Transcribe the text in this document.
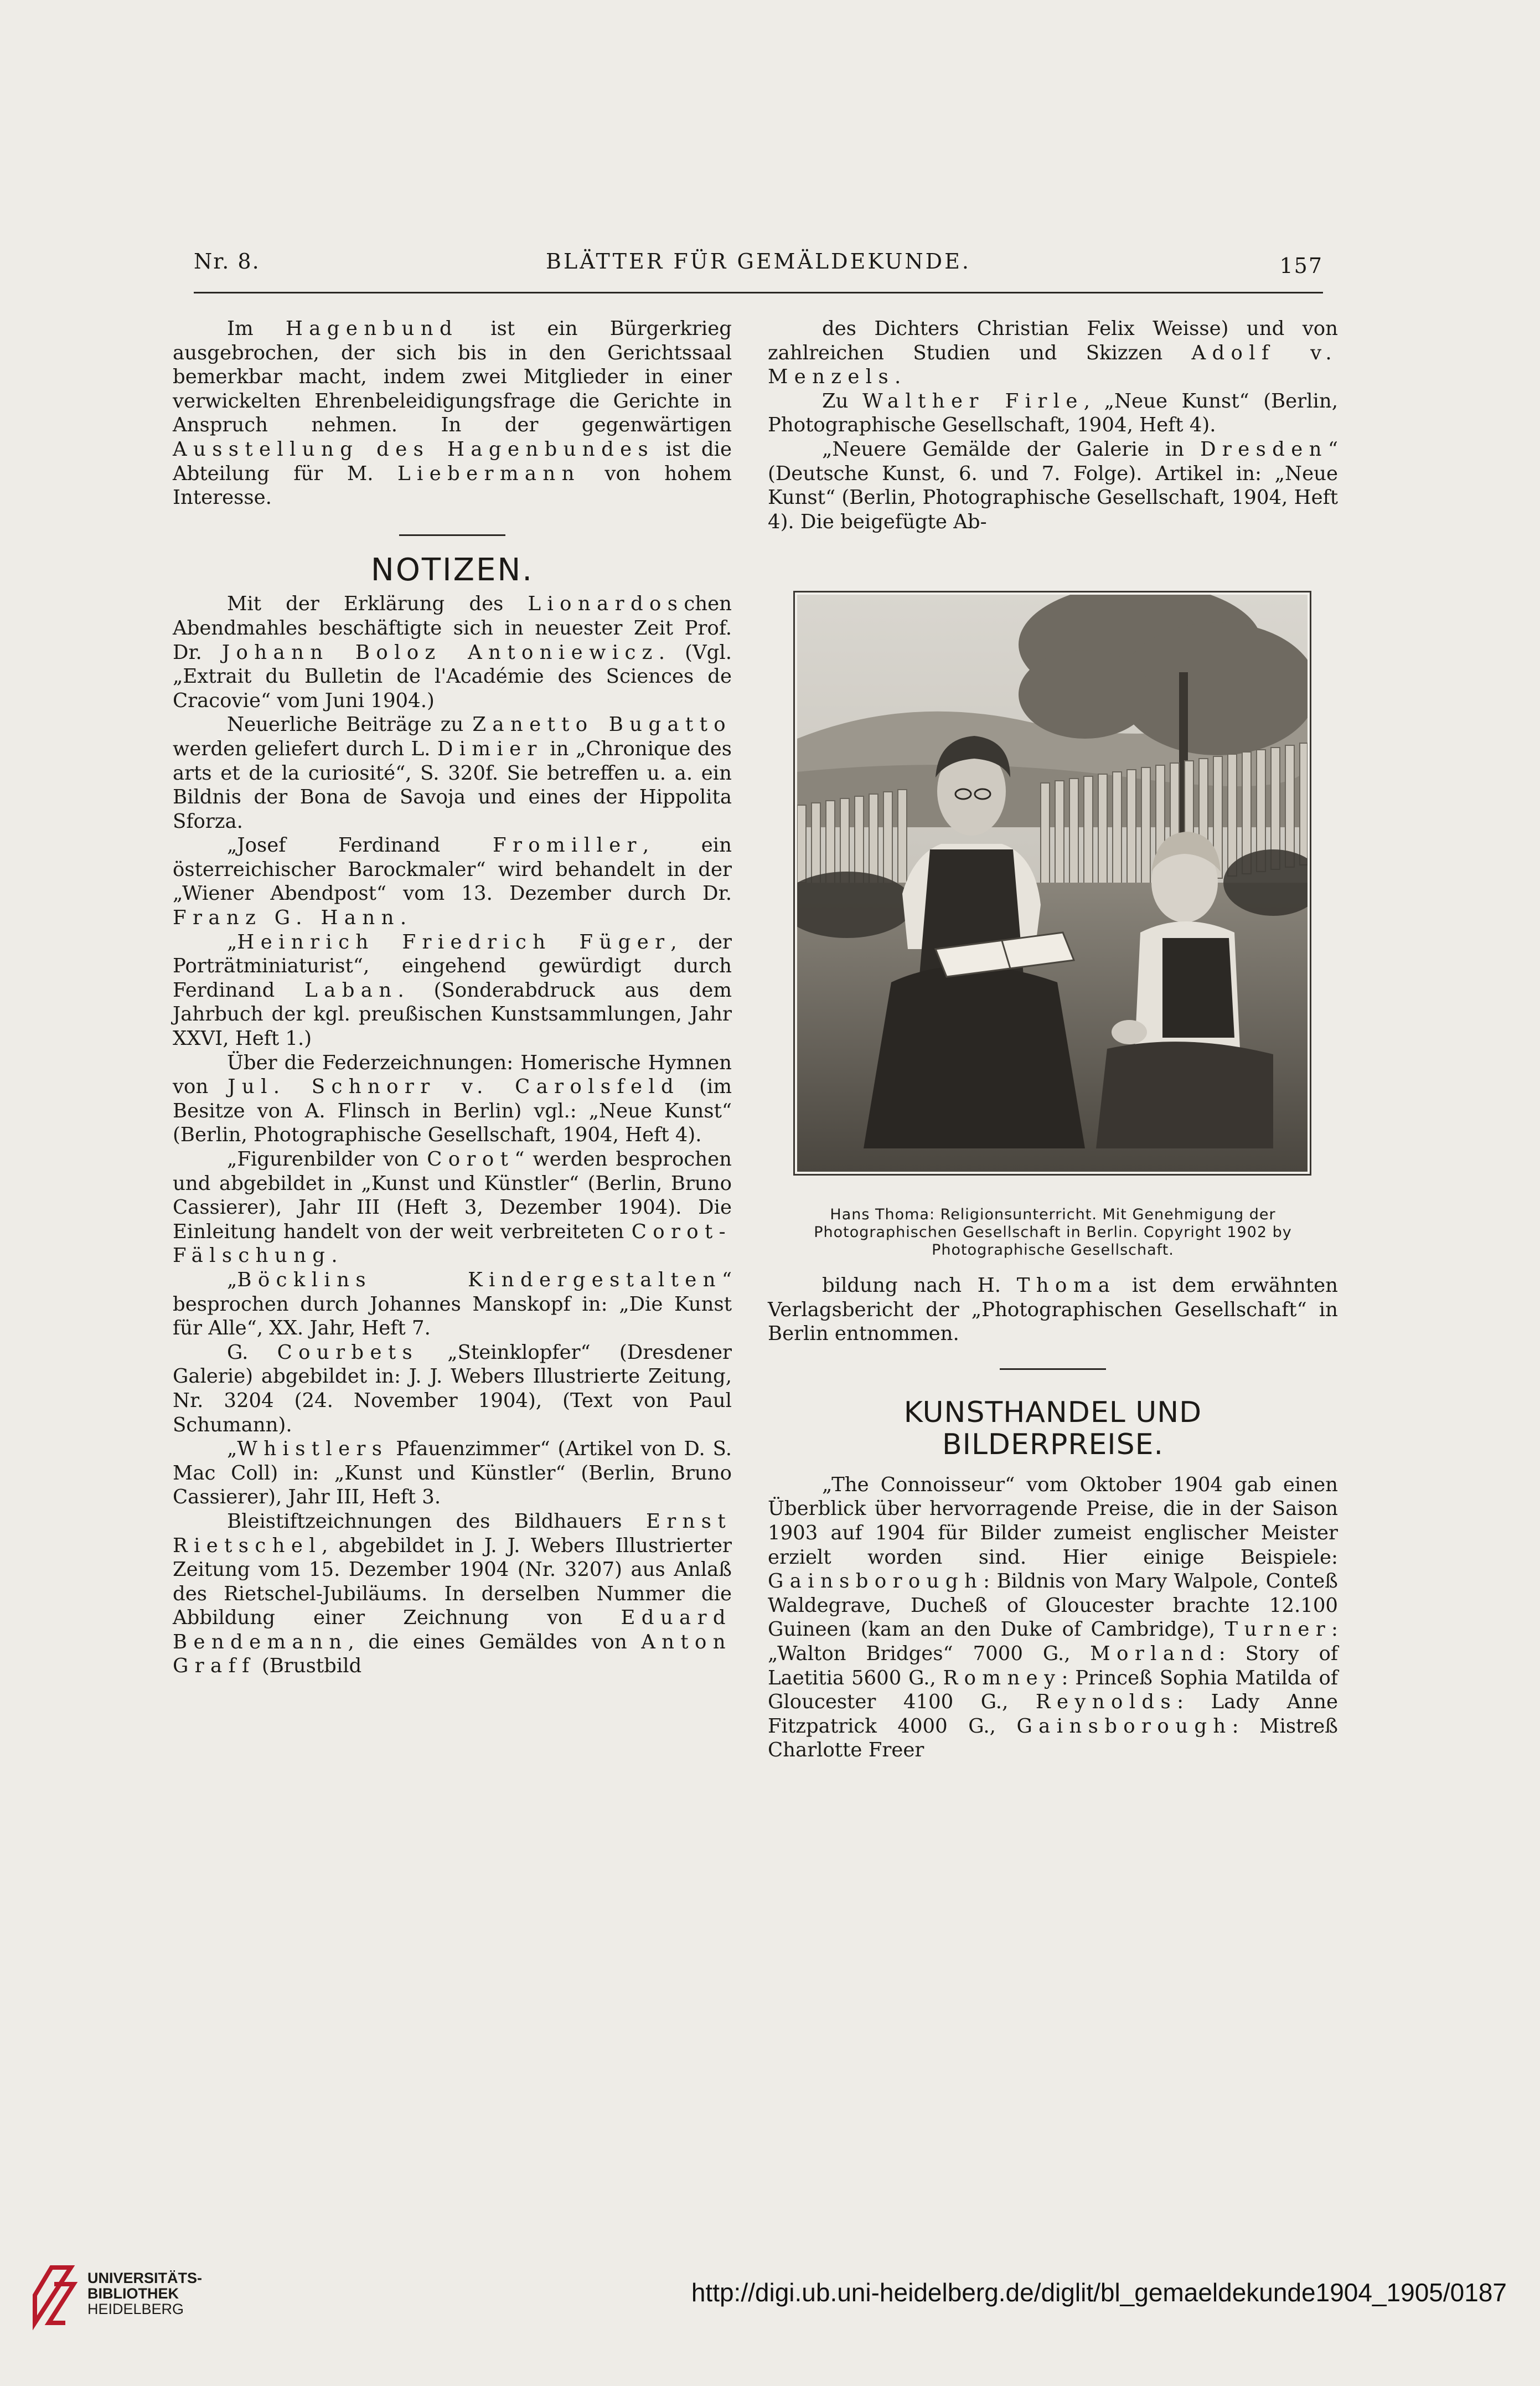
Nr. 8.	BLÄTTER FÜR GEMÄLDEKUNDE.	157

Im Hagenbund ist ein Bürgerkrieg ausgebrochen, der sich bis in den Gerichtssaal bemerkbar macht, indem zwei Mitglieder in einer verwickelten Ehrenbeleidigungsfrage die Gerichte in Anspruch nehmen. In der gegenwärtigen Ausstellung des Hagenbundes ist die Abteilung für M. Liebermann von hohem Interesse.

NOTIZEN.

Mit der Erklärung des Lionardoschen Abendmahles beschäftigte sich in neuester Zeit Prof. Dr. Johann Boloz Antoniewicz. (Vgl. „Extrait du Bulletin de l'Académie des Sciences de Cracovie“ vom Juni 1904.)

Neuerliche Beiträge zu Zanetto Bugatto werden geliefert durch L. Dimier in „Chronique des arts et de la curiosité“, S. 320f. Sie betreffen u. a. ein Bildnis der Bona de Savoja und eines der Hippolita Sforza.

„Josef Ferdinand Fromiller, ein österreichischer Barockmaler“ wird behandelt in der „Wiener Abendpost“ vom 13. Dezember durch Dr. Franz G. Hann.

„Heinrich Friedrich Füger, der Porträtminiaturist“, eingehend gewürdigt durch Ferdinand Laban. (Sonderabdruck aus dem Jahrbuch der kgl. preußischen Kunstsammlungen, Jahr XXVI, Heft 1.)

Über die Federzeichnungen: Homerische Hymnen von Jul. Schnorr v. Carolsfeld (im Besitze von A. Flinsch in Berlin) vgl.: „Neue Kunst“ (Berlin, Photographische Gesellschaft, 1904, Heft 4).

„Figurenbilder von Corot“ werden besprochen und abgebildet in „Kunst und Künstler“ (Berlin, Bruno Cassierer), Jahr III (Heft 3, Dezember 1904). Die Einleitung handelt von der weit verbreiteten Corot-Fälschung.

„Böcklins Kindergestalten“ besprochen durch Johannes Manskopf in: „Die Kunst für Alle“, XX. Jahr, Heft 7.

G. Courbets „Steinklopfer“ (Dresdener Galerie) abgebildet in: J. J. Webers Illustrierte Zeitung, Nr. 3204 (24. November 1904), (Text von Paul Schumann).

„Whistlers Pfauenzimmer“ (Artikel von D. S. Mac Coll) in: „Kunst und Künstler“ (Berlin, Bruno Cassierer), Jahr III, Heft 3.

Bleistiftzeichnungen des Bildhauers Ernst Rietschel, abgebildet in J. J. Webers Illustrierter Zeitung vom 15. Dezember 1904 (Nr. 3207) aus Anlaß des Rietschel-Jubiläums. In derselben Nummer die Abbildung einer Zeichnung von Eduard Bendemann, die eines Gemäldes von Anton Graff (Brustbild

des Dichters Christian Felix Weisse) und von zahlreichen Studien und Skizzen Adolf v. Menzels.

Zu Walther Firle, „Neue Kunst“ (Berlin, Photographische Gesellschaft, 1904, Heft 4).

„Neuere Gemälde der Galerie in Dresden“ (Deutsche Kunst, 6. und 7. Folge). Artikel in: „Neue Kunst“ (Berlin, Photographische Gesellschaft, 1904, Heft 4). Die beigefügte Ab-

Hans Thoma: Religionsunterricht. Mit Genehmigung der Photographischen Gesellschaft in Berlin. Copyright 1902 by Photographische Gesellschaft.

bildung nach H. Thoma ist dem erwähnten Verlagsbericht der „Photographischen Gesellschaft“ in Berlin entnommen.

KUNSTHANDEL UND BILDERPREISE.

„The Connoisseur“ vom Oktober 1904 gab einen Überblick über hervorragende Preise, die in der Saison 1903 auf 1904 für Bilder zumeist englischer Meister erzielt worden sind. Hier einige Beispiele: Gainsborough: Bildnis von Mary Walpole, Conteß Waldegrave, Ducheß of Gloucester brachte 12.100 Guineen (kam an den Duke of Cambridge), Turner: „Walton Bridges“ 7000 G., Morland: Story of Laetitia 5600 G., Romney: Princeß Sophia Matilda of Gloucester 4100 G., Reynolds: Lady Anne Fitzpatrick 4000 G., Gainsborough: Mistreß Charlotte Freer

UNIVERSITÄTS-
BIBLIOTHEK
HEIDELBERG
http://digi.ub.uni-heidelberg.de/diglit/bl_gemaeldekunde1904_1905/0187
